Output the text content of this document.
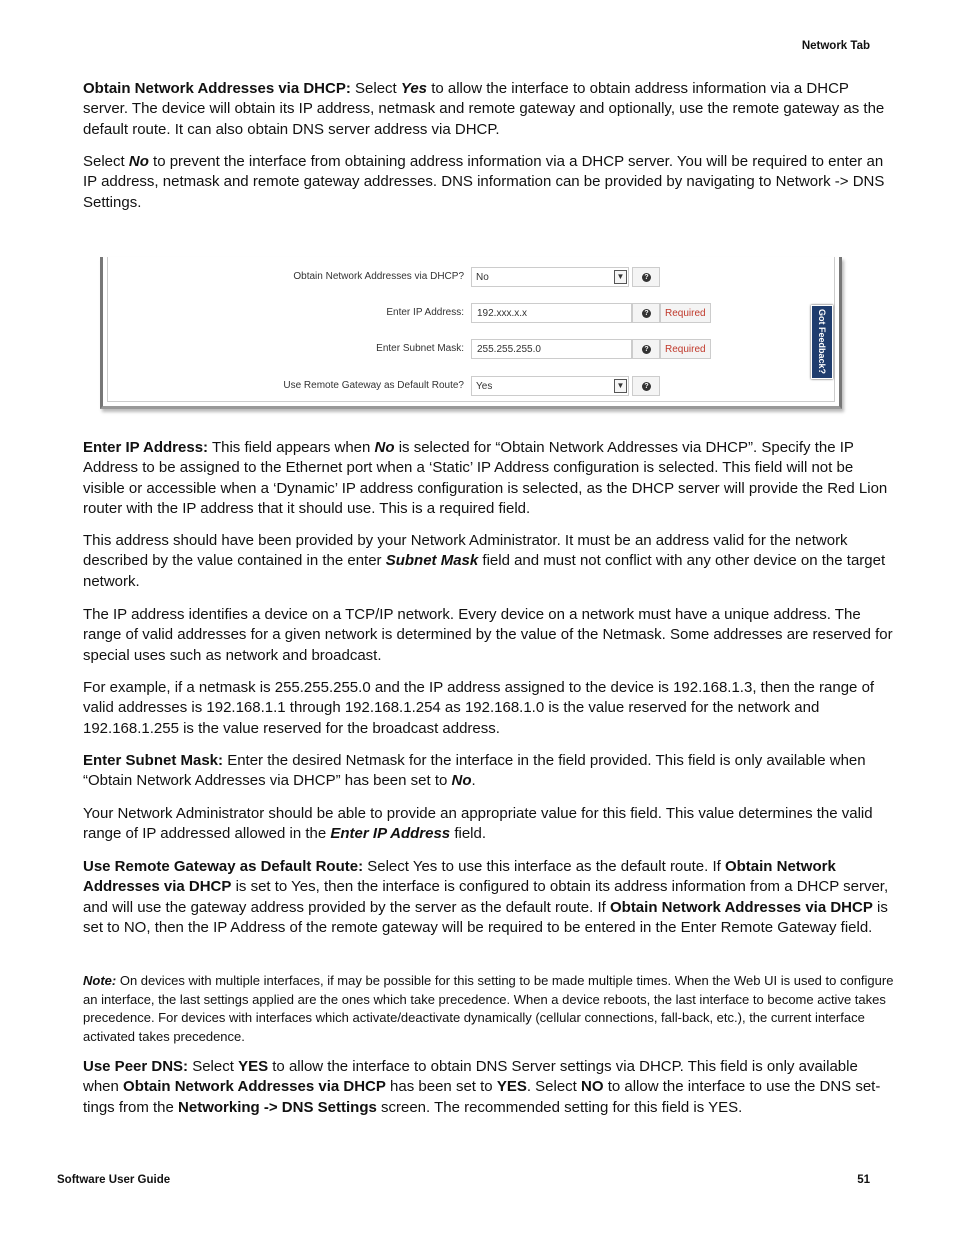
Network Tab

Obtain Network Addresses via DHCP: Select Yes to allow the interface to obtain address information via a DHCP server. The device will obtain its IP address, netmask and remote gateway and optionally, use the remote gateway as the default route. It can also obtain DNS server address via DHCP.

Select No to prevent the interface from obtaining address information via a DHCP server. You will be required to enter an IP address, netmask and remote gateway addresses. DNS information can be provided by navigating to Network -> DNS Settings.

Obtain Network Addresses via DHCP?	No	▼	?
Enter IP Address:	192.xxx.x.x	?	Required
Enter Subnet Mask:	255.255.255.0	?	Required
Use Remote Gateway as Default Route?	Yes	▼	?
Got Feedback?

Enter IP Address: This field appears when No is selected for “Obtain Network Addresses via DHCP”. Specify the IP Address to be assigned to the Ethernet port when a ‘Static’ IP Address configuration is selected. This field will not be visible or accessible when a ‘Dynamic’ IP address configuration is selected, as the DHCP server will provide the Red Lion router with the IP address that it should use. This is a required field.

This address should have been provided by your Network Administrator. It must be an address valid for the network described by the value contained in the enter Subnet Mask field and must not conflict with any other device on the target network.

The IP address identifies a device on a TCP/IP network. Every device on a network must have a unique address. The range of valid addresses for a given network is determined by the value of the Netmask. Some addresses are reserved for special uses such as network and broadcast.

For example, if a netmask is 255.255.255.0 and the IP address assigned to the device is 192.168.1.3, then the range of valid addresses is 192.168.1.1 through 192.168.1.254 as 192.168.1.0 is the value reserved for the network and 192.168.1.255 is the value reserved for the broadcast address.

Enter Subnet Mask: Enter the desired Netmask for the interface in the field provided. This field is only available when “Obtain Network Addresses via DHCP” has been set to No.

Your Network Administrator should be able to provide an appropriate value for this field. This value determines the valid range of IP addressed allowed in the Enter IP Address field.

Use Remote Gateway as Default Route: Select Yes to use this interface as the default route. If Obtain Network Addresses via DHCP is set to Yes, then the interface is configured to obtain its address information from a DHCP server, and will use the gateway address provided by the server as the default route. If Obtain Network Addresses via DHCP is set to NO, then the IP Address of the remote gateway will be required to be entered in the Enter Remote Gateway field.

Note: On devices with multiple interfaces, if may be possible for this setting to be made multiple times. When the Web UI is used to configure an interface, the last settings applied are the ones which take precedence. When a device reboots, the last interface to become active takes precedence. For devices with interfaces which activate/deactivate dynamically (cellular connections, fall-back, etc.), the current interface activated takes precedence.

Use Peer DNS: Select YES to allow the interface to obtain DNS Server settings via DHCP. This field is only available when Obtain Network Addresses via DHCP has been set to YES. Select NO to allow the interface to use the DNS set-tings from the Networking -> DNS Settings screen. The recommended setting for this field is YES.

Software User Guide	51
